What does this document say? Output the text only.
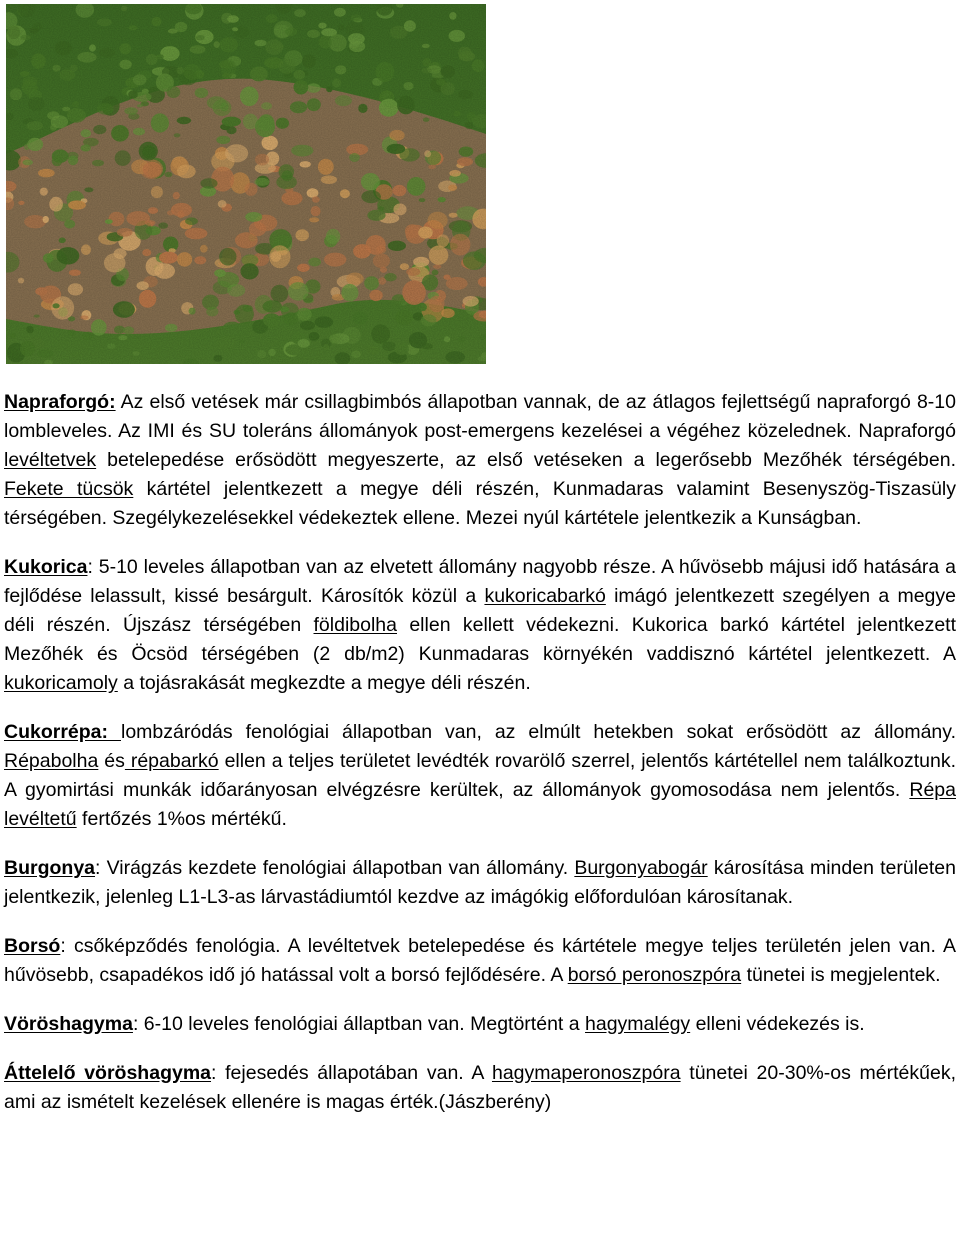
Napraforgó: Az első vetések már csillagbimbós állapotban vannak, de az átlagos fejlettségű napraforgó 8-10 lombleveles. Az IMI és SU toleráns állományok post-emergens kezelései a végéhez közelednek. Napraforgó levéltetvek betelepedése erősödött megyeszerte, az első vetéseken a legerősebb Mezőhék térségében. Fekete tücsök kártétel jelentkezett a megye déli részén, Kunmadaras valamint Besenyszög-Tiszasüly térségében. Szegélykezelésekkel védekeztek ellene. Mezei nyúl kártétele jelentkezik a Kunságban.

Kukorica: 5-10 leveles állapotban van az elvetett állomány nagyobb része. A hűvösebb májusi idő hatására a fejlődése lelassult, kissé besárgult. Károsítók közül a kukoricabarkó imágó jelentkezett szegélyen a megye déli részén. Újszász térségében földibolha ellen kellett védekezni. Kukorica barkó kártétel jelentkezett Mezőhék és Öcsöd térségében (2 db/m2) Kunmadaras környékén vaddisznó kártétel jelentkezett. A kukoricamoly a tojásrakását megkezdte a megye déli részén.

Cukorrépa: lombzáródás fenológiai állapotban van, az elmúlt hetekben sokat erősödött az állomány. Répabolha és répabarkó ellen a teljes területet levédték rovarölő szerrel, jelentős kártétellel nem találkoztunk. A gyomirtási munkák időarányosan elvégzésre kerültek, az állományok gyomosodása nem jelentős. Répa levéltetű fertőzés 1%os mértékű.

Burgonya: Virágzás kezdete fenológiai állapotban van állomány. Burgonyabogár károsítása minden területen jelentkezik, jelenleg L1-L3-as lárvastádiumtól kezdve az imágókig előfordulóan károsítanak.

Borsó: csőképződés fenológia. A levéltetvek betelepedése és kártétele megye teljes területén jelen van. A hűvösebb, csapadékos idő jó hatással volt a borsó fejlődésére. A borsó peronoszpóra tünetei is megjelentek.

Vöröshagyma: 6-10 leveles fenológiai állaptban van. Megtörtént a hagymalégy elleni védekezés is.

Áttelelő vöröshagyma: fejesedés állapotában van. A hagymaperonoszpóra tünetei 20-30%-os mértékűek, ami az ismételt kezelések ellenére is magas érték.(Jászberény)
